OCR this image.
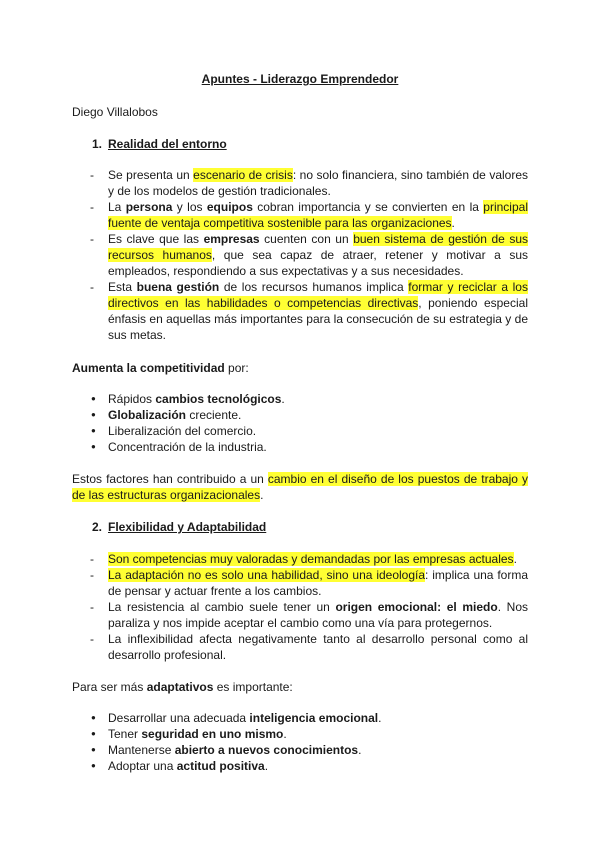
Apuntes - Liderazgo Emprendedor
Diego Villalobos
1. Realidad del entorno
- Se presenta un escenario de crisis: no solo financiera, sino también de valores y de los modelos de gestión tradicionales.
- La persona y los equipos cobran importancia y se convierten en la principal fuente de ventaja competitiva sostenible para las organizaciones.
- Es clave que las empresas cuenten con un buen sistema de gestión de sus recursos humanos, que sea capaz de atraer, retener y motivar a sus empleados, respondiendo a sus expectativas y a sus necesidades.
- Esta buena gestión de los recursos humanos implica formar y reciclar a los directivos en las habilidades o competencias directivas, poniendo especial énfasis en aquellas más importantes para la consecución de su estrategia y de sus metas.
Aumenta la competitividad por:
● Rápidos cambios tecnológicos.
● Globalización creciente.
● Liberalización del comercio.
● Concentración de la industria.
Estos factores han contribuido a un cambio en el diseño de los puestos de trabajo y de las estructuras organizacionales.
2. Flexibilidad y Adaptabilidad
- Son competencias muy valoradas y demandadas por las empresas actuales.
- La adaptación no es solo una habilidad, sino una ideología: implica una forma de pensar y actuar frente a los cambios.
- La resistencia al cambio suele tener un origen emocional: el miedo. Nos paraliza y nos impide aceptar el cambio como una vía para protegernos.
- La inflexibilidad afecta negativamente tanto al desarrollo personal como al desarrollo profesional.
Para ser más adaptativos es importante:
● Desarrollar una adecuada inteligencia emocional.
● Tener seguridad en uno mismo.
● Mantenerse abierto a nuevos conocimientos.
● Adoptar una actitud positiva.
